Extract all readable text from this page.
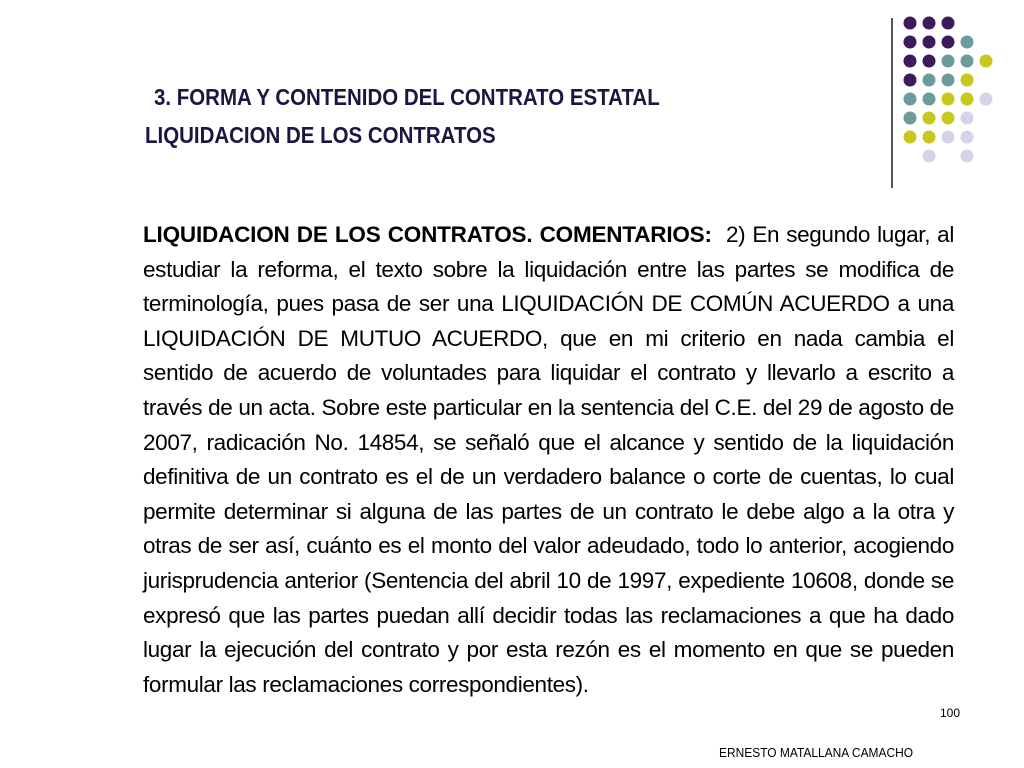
3. FORMA Y CONTENIDO DEL CONTRATO ESTATAL
LIQUIDACION DE LOS CONTRATOS
LIQUIDACION DE LOS CONTRATOS. COMENTARIOS: 2) En segundo lugar, al estudiar la reforma, el texto sobre la liquidación entre las partes se modifica de terminología, pues pasa de ser una LIQUIDACIÓN DE COMÚN ACUERDO a una LIQUIDACIÓN DE MUTUO ACUERDO, que en mi criterio en nada cambia el sentido de acuerdo de voluntades para liquidar el contrato y llevarlo a escrito a través de un acta. Sobre este particular en la sentencia del C.E. del 29 de agosto de 2007, radicación No. 14854, se señaló que el alcance y sentido de la liquidación definitiva de un contrato es el de un verdadero balance o corte de cuentas, lo cual permite determinar si alguna de las partes de un contrato le debe algo a la otra y otras de ser así, cuánto es el monto del valor adeudado, todo lo anterior, acogiendo jurisprudencia anterior (Sentencia del abril 10 de 1997, expediente 10608, donde se expresó que las partes puedan allí decidir todas las reclamaciones a que ha dado lugar la ejecución del contrato y por esta rezón es el momento en que se pueden formular las reclamaciones correspondientes).
100
ERNESTO MATALLANA CAMACHO
